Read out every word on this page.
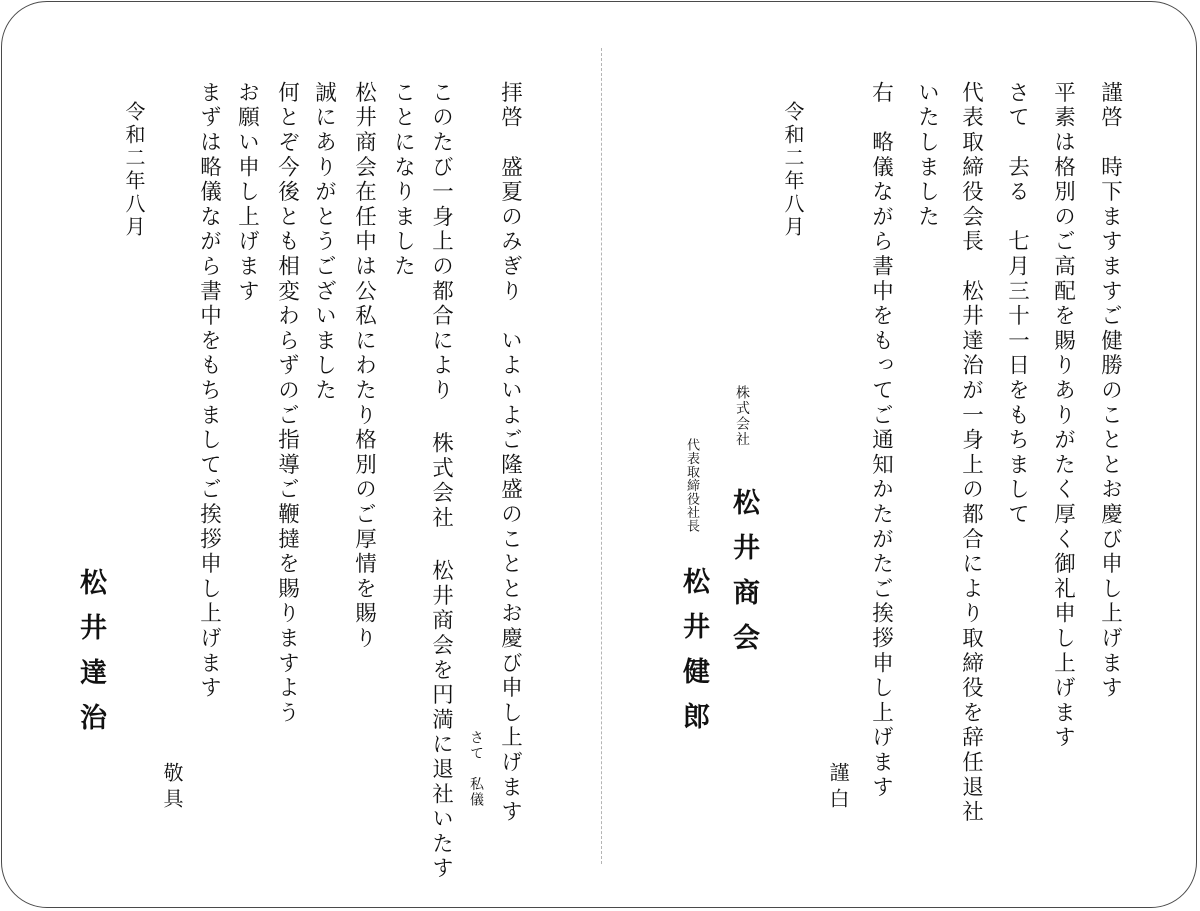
謹啓　時下ますますご健勝のこととお慶び申し上げます
平素は格別のご高配を賜りありがたく厚く御礼申し上げます
さて　去る　七月三十一日をもちまして
代表取締役会長　松井達治が一身上の都合により取締役を辞任退社
いたしました
右　略儀ながら書中をもってご通知かたがたご挨拶申し上げます
謹白
令和二年八月
株式会社
松井商会
代表取締役社長
松井健郎
拝啓　盛夏のみぎり　いよいよご隆盛のこととお慶び申し上げます
さて　私儀
このたび一身上の都合により 株式会社 松井商会を円満に退社いたす
ことになりました
松井商会在任中は公私にわたり格別のご厚情を賜り
誠にありがとうございました
何とぞ今後とも相変わらずのご指導ご鞭撻を賜りますよう
お願い申し上げます
まずは略儀ながら書中をもちましてご挨拶申し上げます
敬具
令和二年八月
松井達治
